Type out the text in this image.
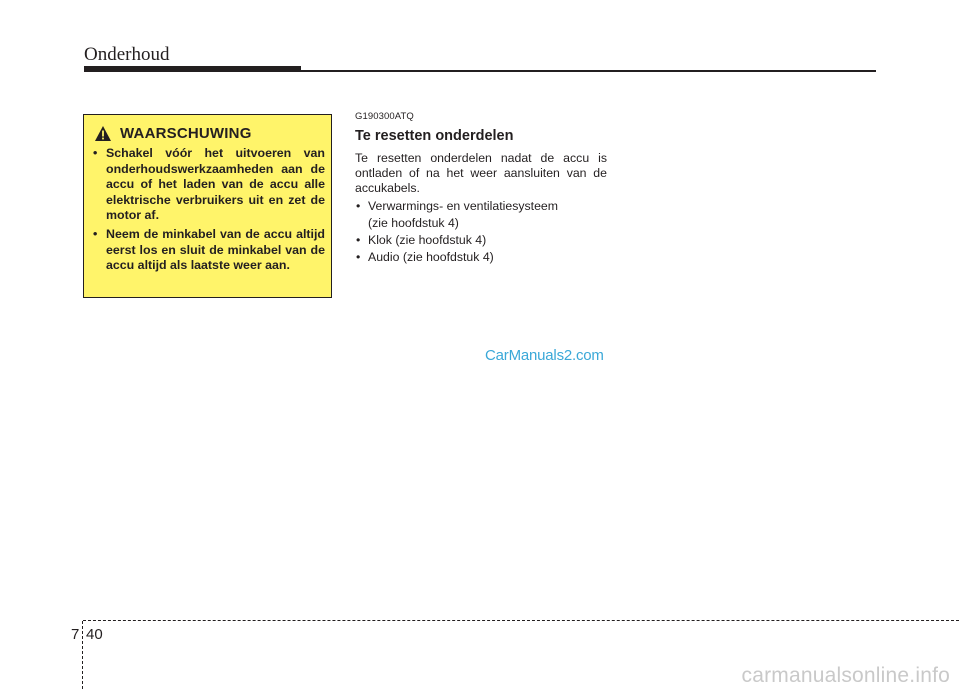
Onderhoud
WAARSCHUWING
• Schakel vóór het uitvoeren van onderhoudswerkzaamheden aan de accu of het laden van de accu alle elektrische verbruikers uit en zet de motor af.
• Neem de minkabel van de accu altijd eerst los en sluit de minkabel van de accu altijd als laatste weer aan.
G190300ATQ
Te resetten onderdelen
Te resetten onderdelen nadat de accu is ontladen of na het weer aansluiten van de accukabels.
• Verwarmings- en ventilatiesysteem
(zie hoofdstuk 4)
• Klok (zie hoofdstuk 4)
• Audio (zie hoofdstuk 4)
CarManuals2.com
7 40
carmanualsonline.info
